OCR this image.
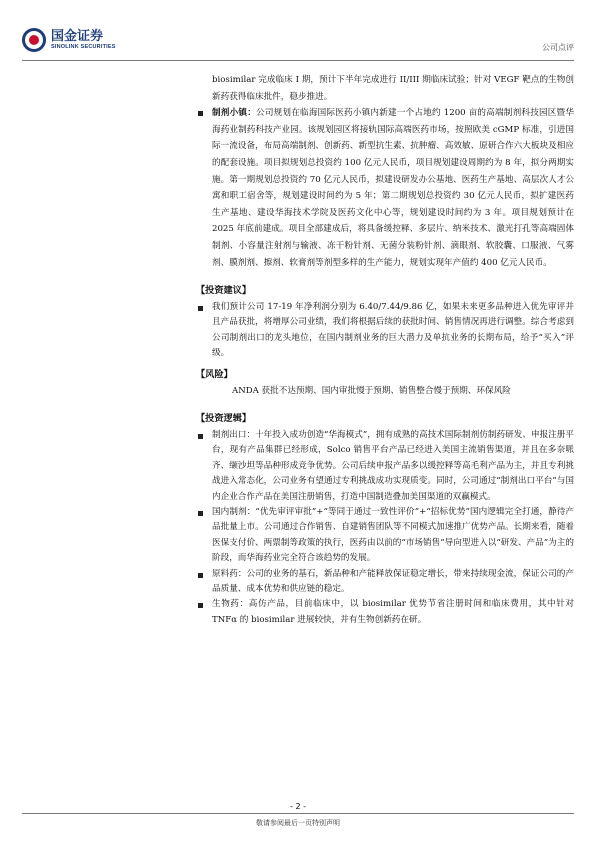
国金证券
SINOLINK SECURITIES	公司点评
biosimilar 完成临床 I 期，预计下半年完成进行 II/III 期临床试验；针对 VEGF 靶点的生物创新药获得临床批件，稳步推进。
制剂小镇：公司规划在临海国际医药小镇内新建一个占地约 1200 亩的高端制剂科技园区暨华海药业制药科技产业园。该规划园区将接轨国际高端医药市场，按照欧美 cGMP 标准，引进国际一流设备，布局高端制剂、创新药、新型抗生素、抗肿瘤、高效敏、原研合作六大板块及相应的配套设施。项目拟规划总投资约 100 亿元人民币，项目规划建设周期约为 8 年，拟分两期实施。第一期规划总投资约 70 亿元人民币，拟建设研发办公基地、医药生产基地、高层次人才公寓和职工宿舍等，规划建设时间约为 5 年；第二期规划总投资约 30 亿元人民币，拟扩建医药生产基地、建设华海技术学院及医药文化中心等，规划建设时间约为 3 年。项目规划预计在 2025 年底前建成。项目全部建成后，将具备缓控释、多层片、纳米技术、激光打孔等高端固体制剂、小容量注射剂与输液、冻干粉针剂、无菌分装粉针剂、滴眼剂、软胶囊、口服液、气雾剂、膜剂剂、擦剂、软膏剂等剂型多样的生产能力，规划实现年产值约 400 亿元人民币。
【投资建议】
我们预计公司 17-19 年净利润分别为 6.40/7.44/9.86 亿，如果未来更多品种进入优先审评并且产品获批，将增厚公司业绩，我们将根据后续的获批时间、销售情况再进行调整。综合考虑到公司制剂出口的龙头地位，在国内制剂业务的巨大潜力及单抗业务的长期布局，给予“买入”评级。
【风险】
ANDA 获批不达预期、国内审批慢于预期、销售整合慢于预期、环保风险
【投资逻辑】
制剂出口：十年投入成功创造“华海模式”，拥有成熟的高技术国际制剂仿制药研发、申报注册平台，现有产品集群已经形成，Solco 销售平台产品已经进入美国主流销售渠道，并且在多奈哌齐、缬沙坦等品种形成竞争优势。公司后续申报产品多以缓控释等高毛利产品为主，并且专利挑战进入常态化，公司业务有望通过专利挑战成功实现质变。同时，公司通过“制剂出口平台”与国内企业合作产品在美国注册销售，打造中国制造叠加美国渠道的双赢模式。
国内制剂：“优先审评审批”+“等同于通过一致性评价”+“招标优势”国内逻辑完全打通，静待产品批量上市。公司通过合作销售、自建销售团队等不同模式加速推广优势产品。长期来看，随着医保支付价、两票制等政策的执行，医药由以前的“市场销售”导向型进入以“研发、产品”为主的阶段，而华海药业完全符合该趋势的发展。
原料药：公司的业务的基石，新品种和产能释放保证稳定增长，带来持续现金流，保证公司的产品质量、成本优势和供应链的稳定。
生物药：高仿产品，目前临床中，以 biosimilar 优势节省注册时间和临床费用，其中针对 TNFα 的 biosimilar 进展较快，并有生物创新药在研。
- 2 -
敬请参阅最后一页特别声明
